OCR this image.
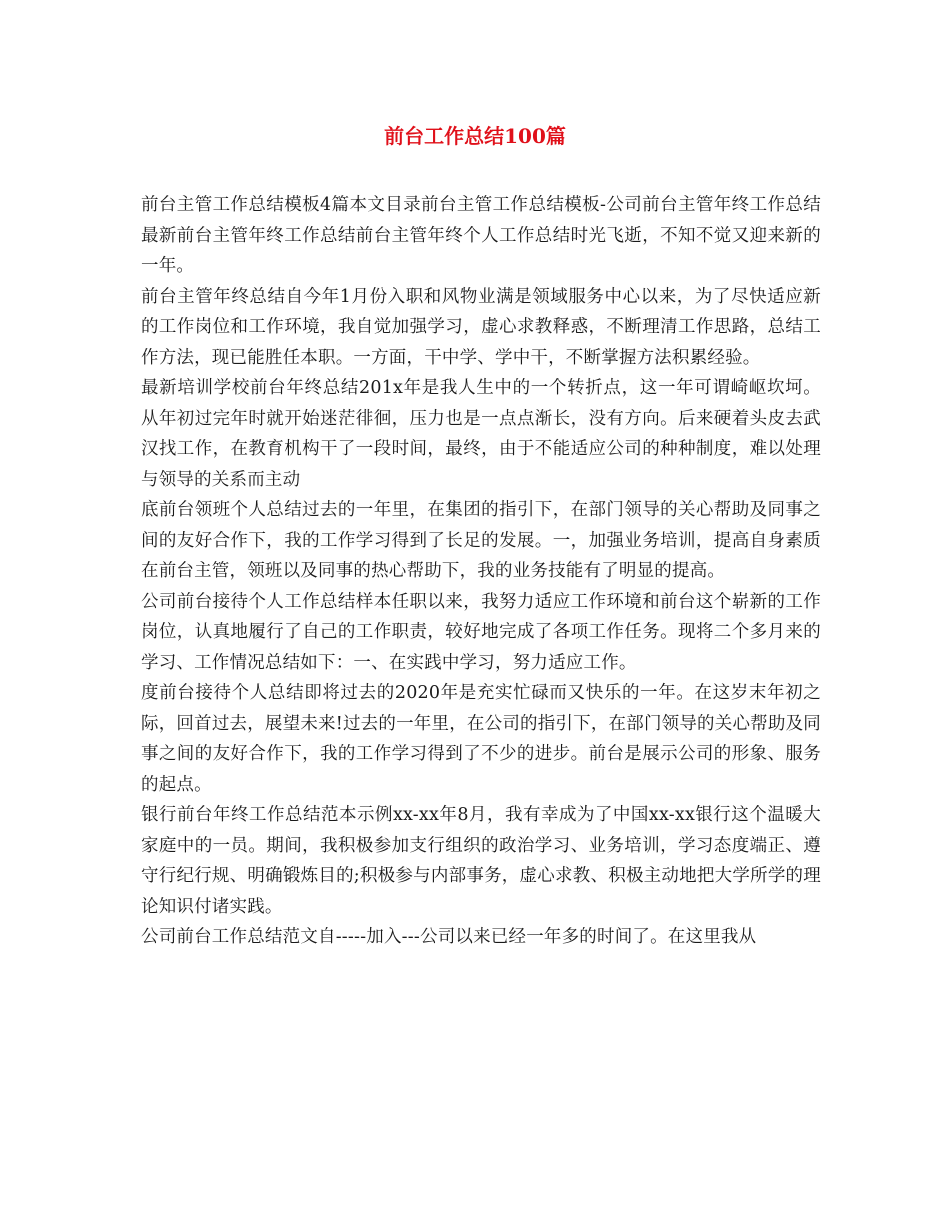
前台工作总结100篇

前台主管工作总结模板4篇本文目录前台主管工作总结模板-公司前台主管年终工作总结最新前台主管年终工作总结前台主管年终个人工作总结时光飞逝，不知不觉又迎来新的一年。

前台主管年终总结自今年1月份入职和风物业满是领域服务中心以来，为了尽快适应新的工作岗位和工作环境，我自觉加强学习，虚心求教释惑，不断理清工作思路，总结工作方法，现已能胜任本职。一方面，干中学、学中干，不断掌握方法积累经验。

最新培训学校前台年终总结201x年是我人生中的一个转折点，这一年可谓崎岖坎坷。从年初过完年时就开始迷茫徘徊，压力也是一点点渐长，没有方向。后来硬着头皮去武汉找工作，在教育机构干了一段时间，最终，由于不能适应公司的种种制度，难以处理与领导的关系而主动

底前台领班个人总结过去的一年里，在集团的指引下，在部门领导的关心帮助及同事之间的友好合作下，我的工作学习得到了长足的发展。一，加强业务培训，提高自身素质在前台主管，领班以及同事的热心帮助下，我的业务技能有了明显的提高。

公司前台接待个人工作总结样本任职以来，我努力适应工作环境和前台这个崭新的工作岗位，认真地履行了自己的工作职责，较好地完成了各项工作任务。现将二个多月来的学习、工作情况总结如下：一、在实践中学习，努力适应工作。

度前台接待个人总结即将过去的2020年是充实忙碌而又快乐的一年。在这岁末年初之际，回首过去，展望未来!过去的一年里，在公司的指引下，在部门领导的关心帮助及同事之间的友好合作下，我的工作学习得到了不少的进步。前台是展示公司的形象、服务的起点。

银行前台年终工作总结范本示例xx-xx年8月，我有幸成为了中国xx-xx银行这个温暖大家庭中的一员。期间，我积极参加支行组织的政治学习、业务培训，学习态度端正、遵守行纪行规、明确锻炼目的;积极参与内部事务，虚心求教、积极主动地把大学所学的理论知识付诸实践。

公司前台工作总结范文自-----加入---公司以来已经一年多的时间了。在这里我从
